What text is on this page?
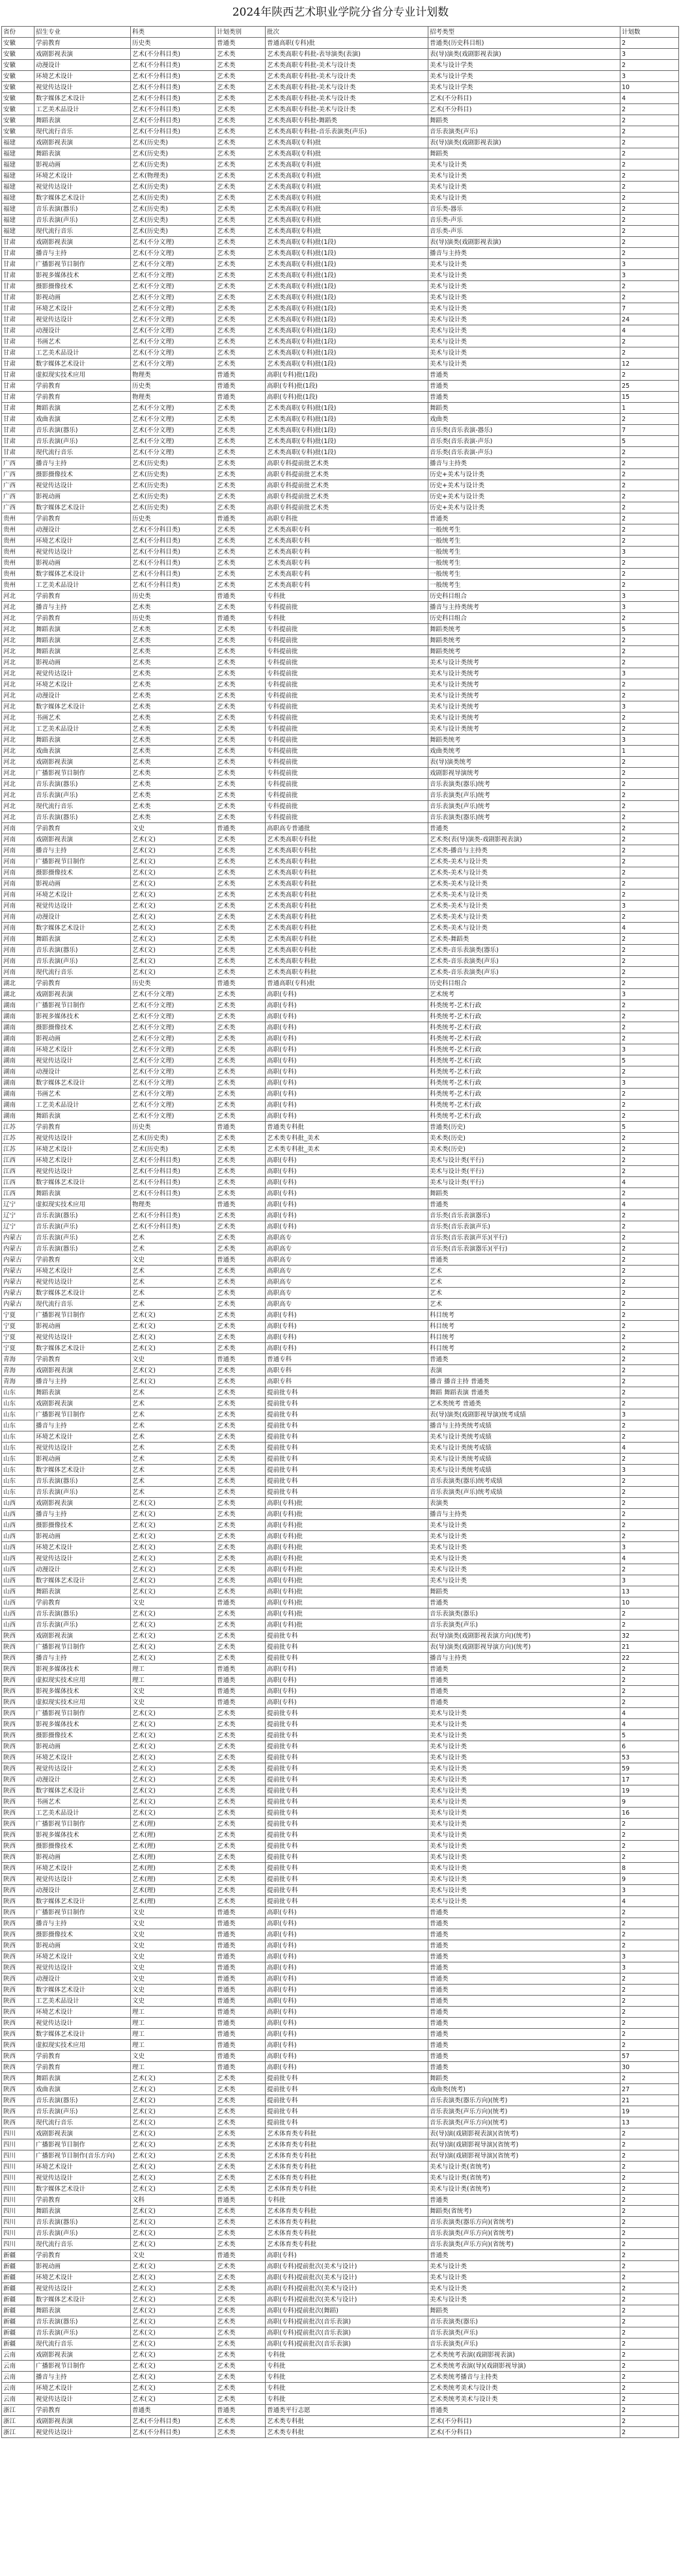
2024年陕西艺术职业学院分省分专业计划数
省份	招生专业	科类	计划类别	批次	招考类型	计划数
安徽	学前教育	历史类	普通类	普通高职(专科)批	普通类(历史科目组)	2
安徽	戏剧影视表演	艺术(不分科目类)	艺术类	艺术类高职专科批-表导演类(表演)	表(导)演类(戏剧影视表演)	3
安徽	动漫设计	艺术(不分科目类)	艺术类	艺术类高职专科批-美术与设计类	美术与设计学类	2
安徽	环境艺术设计	艺术(不分科目类)	艺术类	艺术类高职专科批-美术与设计类	美术与设计学类	3
安徽	视觉传达设计	艺术(不分科目类)	艺术类	艺术类高职专科批-美术与设计类	美术与设计学类	10
安徽	数字媒体艺术设计	艺术(不分科目类)	艺术类	艺术类高职专科批-美术与设计类	艺术(不分科目)	4
安徽	工艺美术品设计	艺术(不分科目类)	艺术类	艺术类高职专科批-美术与设计类	艺术(不分科目)	2
安徽	舞蹈表演	艺术(不分科目类)	艺术类	艺术类高职专科批-舞蹈类	舞蹈类	2
安徽	现代流行音乐	艺术(不分科目类)	艺术类	艺术类高职专科批-音乐表演类(声乐)	音乐表演类(声乐)	2
福建	戏剧影视表演	艺术(历史类)	艺术类	艺术类高职(专科)批	表(导)演类(戏剧影视表演)	2
福建	舞蹈表演	艺术(历史类)	艺术类	艺术类高职(专科)批	舞蹈类	2
福建	影视动画	艺术(历史类)	艺术类	艺术类高职(专科)批	美术与设计类	2
福建	环境艺术设计	艺术(物理类)	艺术类	艺术类高职(专科)批	美术与设计类	2
福建	视觉传达设计	艺术(历史类)	艺术类	艺术类高职(专科)批	美术与设计类	2
福建	数字媒体艺术设计	艺术(历史类)	艺术类	艺术类高职(专科)批	美术与设计类	2
福建	音乐表演(器乐)	艺术(历史类)	艺术类	艺术类高职(专科)批	音乐类-器乐	2
福建	音乐表演(声乐)	艺术(历史类)	艺术类	艺术类高职(专科)批	音乐类-声乐	2
福建	现代流行音乐	艺术(历史类)	艺术类	艺术类高职(专科)批	音乐类-声乐	2
甘肃	戏剧影视表演	艺术(不分文理)	艺术类	艺术类高职(专科)批(1段)	表(导)演类(戏剧影视表演)	2
甘肃	播音与主持	艺术(不分文理)	艺术类	艺术类高职(专科)批(1段)	播音与主持类	2
甘肃	广播影视节目制作	艺术(不分文理)	艺术类	艺术类高职(专科)批(1段)	美术与设计类	3
甘肃	影视多媒体技术	艺术(不分文理)	艺术类	艺术类高职(专科)批(1段)	美术与设计类	3
甘肃	摄影摄像技术	艺术(不分文理)	艺术类	艺术类高职(专科)批(1段)	美术与设计类	2
甘肃	影视动画	艺术(不分文理)	艺术类	艺术类高职(专科)批(1段)	美术与设计类	2
甘肃	环境艺术设计	艺术(不分文理)	艺术类	艺术类高职(专科)批(1段)	美术与设计类	7
甘肃	视觉传达设计	艺术(不分文理)	艺术类	艺术类高职(专科)批(1段)	美术与设计类	24
甘肃	动漫设计	艺术(不分文理)	艺术类	艺术类高职(专科)批(1段)	美术与设计类	4
甘肃	书画艺术	艺术(不分文理)	艺术类	艺术类高职(专科)批(1段)	美术与设计类	2
甘肃	工艺美术品设计	艺术(不分文理)	艺术类	艺术类高职(专科)批(1段)	美术与设计类	2
甘肃	数字媒体艺术设计	艺术(不分文理)	艺术类	艺术类高职(专科)批(1段)	美术与设计类	12
甘肃	虚拟现实技术应用	物理类	普通类	高职(专科)批(1段)	普通类	2
甘肃	学前教育	历史类	普通类	高职(专科)批(1段)	普通类	25
甘肃	学前教育	物理类	普通类	高职(专科)批(1段)	普通类	15
甘肃	舞蹈表演	艺术(不分文理)	艺术类	艺术类高职(专科)批(1段)	舞蹈类	1
甘肃	戏曲表演	艺术(不分文理)	艺术类	艺术类高职(专科)批(1段)	戏曲类	2
甘肃	音乐表演(器乐)	艺术(不分文理)	艺术类	艺术类高职(专科)批(1段)	音乐类(音乐表演-器乐)	7
甘肃	音乐表演(声乐)	艺术(不分文理)	艺术类	艺术类高职(专科)批(1段)	音乐类(音乐表演-声乐)	5
甘肃	现代流行音乐	艺术(不分文理)	艺术类	艺术类高职(专科)批(1段)	音乐类(音乐表演-声乐)	2
广西	播音与主持	艺术(历史类)	艺术类	高职专科提前批艺术类	播音与主持类	2
广西	摄影摄像技术	艺术(历史类)	艺术类	高职专科提前批艺术类	历史+美术与设计类	2
广西	视觉传达设计	艺术(历史类)	艺术类	高职专科提前批艺术类	历史+美术与设计类	2
广西	影视动画	艺术(历史类)	艺术类	高职专科提前批艺术类	历史+美术与设计类	2
广西	数字媒体艺术设计	艺术(历史类)	艺术类	高职专科提前批艺术类	历史+美术与设计类	2
贵州	学前教育	历史类	普通类	高职专科批	普通类	2
贵州	动漫设计	艺术(不分科目类)	艺术类	艺术类高职专科	一般统考生	2
贵州	环境艺术设计	艺术(不分科目类)	艺术类	艺术类高职专科	一般统考生	2
贵州	视觉传达设计	艺术(不分科目类)	艺术类	艺术类高职专科	一般统考生	3
贵州	影视动画	艺术(不分科目类)	艺术类	艺术类高职专科	一般统考生	2
贵州	数字媒体艺术设计	艺术(不分科目类)	艺术类	艺术类高职专科	一般统考生	2
贵州	工艺美术品设计	艺术(不分科目类)	艺术类	艺术类高职专科	一般统考生	2
河北	学前教育	历史类	普通类	专科批	历史科目组合	3
河北	播音与主持	艺术类	艺术类	专科提前批	播音与主持类统考	3
河北	学前教育	历史类	普通类	专科批	历史科目组合	2
河北	舞蹈表演	艺术类	艺术类	专科提前批	舞蹈类统考	5
河北	舞蹈表演	艺术类	艺术类	专科提前批	舞蹈类统考	2
河北	舞蹈表演	艺术类	艺术类	专科提前批	舞蹈类统考	2
河北	影视动画	艺术类	艺术类	专科提前批	美术与设计类统考	2
河北	视觉传达设计	艺术类	艺术类	专科提前批	美术与设计类统考	3
河北	环境艺术设计	艺术类	艺术类	专科提前批	美术与设计类统考	2
河北	动漫设计	艺术类	艺术类	专科提前批	美术与设计类统考	2
河北	数字媒体艺术设计	艺术类	艺术类	专科提前批	美术与设计类统考	3
河北	书画艺术	艺术类	艺术类	专科提前批	美术与设计类统考	2
河北	工艺美术品设计	艺术类	艺术类	专科提前批	美术与设计类统考	2
河北	舞蹈表演	艺术类	艺术类	专科提前批	舞蹈类统考	3
河北	戏曲表演	艺术类	艺术类	专科提前批	戏曲类统考	1
河北	戏剧影视表演	艺术类	艺术类	专科提前批	表(导)演类统考	2
河北	广播影视节目制作	艺术类	艺术类	专科提前批	戏剧影视导演统考	2
河北	音乐表演(器乐)	艺术类	艺术类	专科提前批	音乐表演类(器乐)统考	2
河北	音乐表演(声乐)	艺术类	艺术类	专科提前批	音乐表演类(声乐)统考	2
河北	现代流行音乐	艺术类	艺术类	专科提前批	音乐表演类(声乐)统考	2
河北	音乐表演(器乐)	艺术类	艺术类	专科提前批	音乐表演类(器乐)统考	2
河南	学前教育	文史	普通类	高职高专普通批	普通类	2
河南	戏剧影视表演	艺术(文)	艺术类	艺术类高职专科批	艺术类(表(导)演类-戏剧影视表演)	2
河南	播音与主持	艺术(文)	艺术类	艺术类高职专科批	艺术类-播音与主持类	2
河南	广播影视节目制作	艺术(文)	艺术类	艺术类高职专科批	艺术类-美术与设计类	2
河南	摄影摄像技术	艺术(文)	艺术类	艺术类高职专科批	艺术类-美术与设计类	2
河南	影视动画	艺术(文)	艺术类	艺术类高职专科批	艺术类-美术与设计类	2
河南	环境艺术设计	艺术(文)	艺术类	艺术类高职专科批	艺术类-美术与设计类	2
河南	视觉传达设计	艺术(文)	艺术类	艺术类高职专科批	艺术类-美术与设计类	3
河南	动漫设计	艺术(文)	艺术类	艺术类高职专科批	艺术类-美术与设计类	2
河南	数字媒体艺术设计	艺术(文)	艺术类	艺术类高职专科批	艺术类-美术与设计类	4
河南	舞蹈表演	艺术(文)	艺术类	艺术类高职专科批	艺术类-舞蹈类	2
河南	音乐表演(器乐)	艺术(文)	艺术类	艺术类高职专科批	艺术类-音乐表演类(器乐)	2
河南	音乐表演(声乐)	艺术(文)	艺术类	艺术类高职专科批	艺术类-音乐表演类(声乐)	2
河南	现代流行音乐	艺术(文)	艺术类	艺术类高职专科批	艺术类-音乐表演类(声乐)	2
湖北	学前教育	历史类	普通类	普通高职(专科)批	历史科目组合	2
湖北	戏剧影视表演	艺术(不分文理)	艺术类	高职(专科)	艺术统考	3
湖南	广播影视节目制作	艺术(不分文理)	艺术类	高职(专科)	科类统考-艺术行政	2
湖南	影视多媒体技术	艺术(不分文理)	艺术类	高职(专科)	科类统考-艺术行政	2
湖南	摄影摄像技术	艺术(不分文理)	艺术类	高职(专科)	科类统考-艺术行政	2
湖南	影视动画	艺术(不分文理)	艺术类	高职(专科)	科类统考-艺术行政	2
湖南	环境艺术设计	艺术(不分文理)	艺术类	高职(专科)	科类统考-艺术行政	3
湖南	视觉传达设计	艺术(不分文理)	艺术类	高职(专科)	科类统考-艺术行政	5
湖南	动漫设计	艺术(不分文理)	艺术类	高职(专科)	科类统考-艺术行政	2
湖南	数字媒体艺术设计	艺术(不分文理)	艺术类	高职(专科)	科类统考-艺术行政	3
湖南	书画艺术	艺术(不分文理)	艺术类	高职(专科)	科类统考-艺术行政	2
湖南	工艺美术品设计	艺术(不分文理)	艺术类	高职(专科)	科类统考-艺术行政	2
湖南	舞蹈表演	艺术(不分文理)	艺术类	高职(专科)	科类统考-艺术行政	2
江苏	学前教育	历史类	普通类	普通类专科批	普通类(历史)	5
江苏	视觉传达设计	艺术(历史类)	艺术类	艺术类专科批_美术	美术类(历史)	2
江苏	环境艺术设计	艺术(历史类)	艺术类	艺术类专科批_美术	美术类(历史)	2
江西	环境艺术设计	艺术(不分科目类)	艺术类	高职(专科)	美术与设计类(平行)	2
江西	视觉传达设计	艺术(不分科目类)	艺术类	高职(专科)	美术与设计类(平行)	2
江西	数字媒体艺术设计	艺术(不分科目类)	艺术类	高职(专科)	美术与设计类(平行)	4
江西	舞蹈表演	艺术(不分科目类)	艺术类	高职(专科)	舞蹈类	2
辽宁	虚拟现实技术应用	物理类	普通类	高职(专科)	普通类	4
辽宁	音乐表演(器乐)	艺术(不分科目类)	艺术类	高职(专科)	音乐类(音乐表演器乐)	2
辽宁	音乐表演(声乐)	艺术(不分科目类)	艺术类	高职(专科)	音乐类(音乐表演声乐)	2
内蒙古	音乐表演(声乐)	艺术	艺术类	高职高专	音乐类(音乐表演声乐)(平行)	2
内蒙古	音乐表演(器乐)	艺术	艺术类	高职高专	音乐类(音乐表演器乐)(平行)	2
内蒙古	学前教育	文史	普通类	高职高专	普通类	2
内蒙古	环境艺术设计	艺术	艺术类	高职高专	艺术	2
内蒙古	视觉传达设计	艺术	艺术类	高职高专	艺术	2
内蒙古	数字媒体艺术设计	艺术	艺术类	高职高专	艺术	2
内蒙古	现代流行音乐	艺术	艺术类	高职高专	艺术	2
宁夏	广播影视节目制作	艺术(文)	艺术类	高职(专科)	科目统考	2
宁夏	影视动画	艺术(文)	艺术类	高职(专科)	科目统考	2
宁夏	视觉传达设计	艺术(文)	艺术类	高职(专科)	科目统考	2
宁夏	数字媒体艺术设计	艺术(文)	艺术类	高职(专科)	科目统考	2
青海	学前教育	文史	普通类	普通专科	普通类	2
青海	戏剧影视表演	艺术(文)	艺术类	高职专科	表演	2
青海	播音与主持	艺术(文)	艺术类	高职专科	播音 播音主持 普通类	2
山东	舞蹈表演	艺术	艺术类	提前批专科	舞蹈 舞蹈表演 普通类	2
山东	戏剧影视表演	艺术	艺术类	提前批专科	艺术类统考 普通类	2
山东	广播影视节目制作	艺术	艺术类	提前批专科	表(导)演类(戏剧影视导演)统考成绩	3
山东	播音与主持	艺术	艺术类	提前批专科	播音与主持类统考成绩	2
山东	环境艺术设计	艺术	艺术类	提前批专科	美术与设计类统考成绩	2
山东	视觉传达设计	艺术	艺术类	提前批专科	美术与设计类统考成绩	4
山东	影视动画	艺术	艺术类	提前批专科	美术与设计类统考成绩	2
山东	数字媒体艺术设计	艺术	艺术类	提前批专科	美术与设计类统考成绩	3
山东	音乐表演(器乐)	艺术	艺术类	提前批专科	音乐表演类(器乐)统考成绩	2
山东	音乐表演(声乐)	艺术	艺术类	提前批专科	音乐表演类(声乐)统考成绩	2
山西	戏剧影视表演	艺术(文)	艺术类	高职(专科)批	表演类	2
山西	播音与主持	艺术(文)	艺术类	高职(专科)批	播音与主持类	2
山西	摄影摄像技术	艺术(文)	艺术类	高职(专科)批	美术与设计类	2
山西	影视动画	艺术(文)	艺术类	高职(专科)批	美术与设计类	2
山西	环境艺术设计	艺术(文)	艺术类	高职(专科)批	美术与设计类	3
山西	视觉传达设计	艺术(文)	艺术类	高职(专科)批	美术与设计类	4
山西	动漫设计	艺术(文)	艺术类	高职(专科)批	美术与设计类	2
山西	数字媒体艺术设计	艺术(文)	艺术类	高职(专科)批	美术与设计类	3
山西	舞蹈表演	艺术(文)	艺术类	高职(专科)批	舞蹈类	13
山西	学前教育	文史	普通类	高职(专科)批	普通类	10
山西	音乐表演(器乐)	艺术(文)	艺术类	高职(专科)批	音乐表演类(器乐)	2
山西	音乐表演(声乐)	艺术(文)	艺术类	高职(专科)批	音乐表演类(声乐)	2
陕西	戏剧影视表演	艺术(文)	艺术类	提前批专科	表(导)演类(戏剧影视表演方向)(统考)	32
陕西	广播影视节目制作	艺术(文)	艺术类	提前批专科	表(导)演类(戏剧影视导演方向)(统考)	21
陕西	播音与主持	艺术(文)	艺术类	提前批专科	播音与主持类	22
陕西	影视多媒体技术	理工	普通类	高职(专科)	普通类	2
陕西	虚拟现实技术应用	理工	普通类	高职(专科)	普通类	2
陕西	影视多媒体技术	文史	普通类	高职(专科)	普通类	2
陕西	虚拟现实技术应用	文史	普通类	高职(专科)	普通类	2
陕西	广播影视节目制作	艺术(文)	艺术类	提前批专科	美术与设计类	4
陕西	影视多媒体技术	艺术(文)	艺术类	提前批专科	美术与设计类	4
陕西	摄影摄像技术	艺术(文)	艺术类	提前批专科	美术与设计类	5
陕西	影视动画	艺术(文)	艺术类	提前批专科	美术与设计类	6
陕西	环境艺术设计	艺术(文)	艺术类	提前批专科	美术与设计类	53
陕西	视觉传达设计	艺术(文)	艺术类	提前批专科	美术与设计类	59
陕西	动漫设计	艺术(文)	艺术类	提前批专科	美术与设计类	17
陕西	数字媒体艺术设计	艺术(文)	艺术类	提前批专科	美术与设计类	19
陕西	书画艺术	艺术(文)	艺术类	提前批专科	美术与设计类	9
陕西	工艺美术品设计	艺术(文)	艺术类	提前批专科	美术与设计类	16
陕西	广播影视节目制作	艺术(理)	艺术类	提前批专科	美术与设计类	2
陕西	影视多媒体技术	艺术(理)	艺术类	提前批专科	美术与设计类	2
陕西	摄影摄像技术	艺术(理)	艺术类	提前批专科	美术与设计类	2
陕西	影视动画	艺术(理)	艺术类	提前批专科	美术与设计类	2
陕西	环境艺术设计	艺术(理)	艺术类	提前批专科	美术与设计类	8
陕西	视觉传达设计	艺术(理)	艺术类	提前批专科	美术与设计类	9
陕西	动漫设计	艺术(理)	艺术类	提前批专科	美术与设计类	3
陕西	数字媒体艺术设计	艺术(理)	艺术类	提前批专科	美术与设计类	4
陕西	广播影视节目制作	文史	普通类	高职(专科)	普通类	2
陕西	播音与主持	文史	普通类	高职(专科)	普通类	2
陕西	摄影摄像技术	文史	普通类	高职(专科)	普通类	2
陕西	影视动画	文史	普通类	高职(专科)	普通类	2
陕西	环境艺术设计	文史	普通类	高职(专科)	普通类	3
陕西	视觉传达设计	文史	普通类	高职(专科)	普通类	3
陕西	动漫设计	文史	普通类	高职(专科)	普通类	2
陕西	数字媒体艺术设计	文史	普通类	高职(专科)	普通类	2
陕西	工艺美术品设计	文史	普通类	高职(专科)	普通类	2
陕西	环境艺术设计	理工	普通类	高职(专科)	普通类	2
陕西	视觉传达设计	理工	普通类	高职(专科)	普通类	2
陕西	数字媒体艺术设计	理工	普通类	高职(专科)	普通类	2
陕西	虚拟现实技术应用	理工	普通类	高职(专科)	普通类	2
陕西	学前教育	文史	普通类	高职(专科)	普通类	57
陕西	学前教育	理工	普通类	高职(专科)	普通类	30
陕西	舞蹈表演	艺术(文)	艺术类	提前批专科	舞蹈类	2
陕西	戏曲表演	艺术(文)	艺术类	提前批专科	戏曲类(统考)	27
陕西	音乐表演(器乐)	艺术(文)	艺术类	提前批专科	音乐表演类(器乐方向)(统考)	21
陕西	音乐表演(声乐)	艺术(文)	艺术类	提前批专科	音乐表演类(声乐方向)(统考)	19
陕西	现代流行音乐	艺术(文)	艺术类	提前批专科	音乐表演类(声乐方向)(统考)	13
四川	戏剧影视表演	艺术(文)	艺术类	艺术体育类专科批	表(导)演(戏剧影视表演)(省统考)	2
四川	广播影视节目制作	艺术(文)	艺术类	艺术体育类专科批	表(导)演(戏剧影视导演)(省统考)	2
四川	广播影视节目制作(音乐方向)	艺术(文)	艺术类	艺术体育类专科批	表(导)演(戏剧影视导演)(省统考)	2
四川	环境艺术设计	艺术(文)	艺术类	艺术体育类专科批	美术与设计类(省统考)	2
四川	视觉传达设计	艺术(文)	艺术类	艺术体育类专科批	美术与设计类(省统考)	2
四川	数字媒体艺术设计	艺术(文)	艺术类	艺术体育类专科批	美术与设计类(省统考)	2
四川	学前教育	文科	普通类	专科批	普通类	2
四川	舞蹈表演	艺术(文)	艺术类	艺术体育类专科批	舞蹈类(省统考)	2
四川	音乐表演(器乐)	艺术(文)	艺术类	艺术体育类专科批	音乐表演类(器乐方向)(省统考)	2
四川	音乐表演(声乐)	艺术(文)	艺术类	艺术体育类专科批	音乐表演类(声乐方向)(省统考)	2
四川	现代流行音乐	艺术(文)	艺术类	艺术体育类专科批	音乐表演类(声乐方向)(省统考)	2
新疆	学前教育	文史	普通类	高职(专科)	普通类	2
新疆	影视动画	艺术(文)	艺术类	高职(专科)提前批次(美术与设计)	美术与设计类	2
新疆	环境艺术设计	艺术(文)	艺术类	高职(专科)提前批次(美术与设计)	美术与设计类	2
新疆	视觉传达设计	艺术(文)	艺术类	高职(专科)提前批次(美术与设计)	美术与设计类	2
新疆	数字媒体艺术设计	艺术(文)	艺术类	高职(专科)提前批次(美术与设计)	美术与设计类	2
新疆	舞蹈表演	艺术(文)	艺术类	高职(专科)提前批次(舞蹈)	舞蹈类	2
新疆	音乐表演(器乐)	艺术(文)	艺术类	高职(专科)提前批次(音乐表演)	音乐表演类(器乐)	2
新疆	音乐表演(声乐)	艺术(文)	艺术类	高职(专科)提前批次(音乐表演)	音乐表演类(声乐)	2
新疆	现代流行音乐	艺术(文)	艺术类	高职(专科)提前批次(音乐表演)	音乐表演类(声乐)	2
云南	戏剧影视表演	艺术(文)	艺术类	专科批	艺术类统考表演(戏剧影视表演)	2
云南	广播影视节目制作	艺术(文)	艺术类	专科批	艺术类统考表演(导)(戏剧影视导演)	2
云南	播音与主持	艺术(文)	艺术类	专科批	艺术类统考播音与主持类	2
云南	环境艺术设计	艺术(文)	艺术类	专科批	艺术类统考美术与设计类	2
云南	视觉传达设计	艺术(文)	艺术类	专科批	艺术类统考美术与设计类	2
浙江	学前教育	普通类	普通类	普通类平行志愿	普通类	2
浙江	戏剧影视表演	艺术(不分科目类)	艺术类	艺术类专科批	艺术(不分科目)	2
浙江	视觉传达设计	艺术(不分科目类)	艺术类	艺术类专科批	艺术(不分科目)	2
